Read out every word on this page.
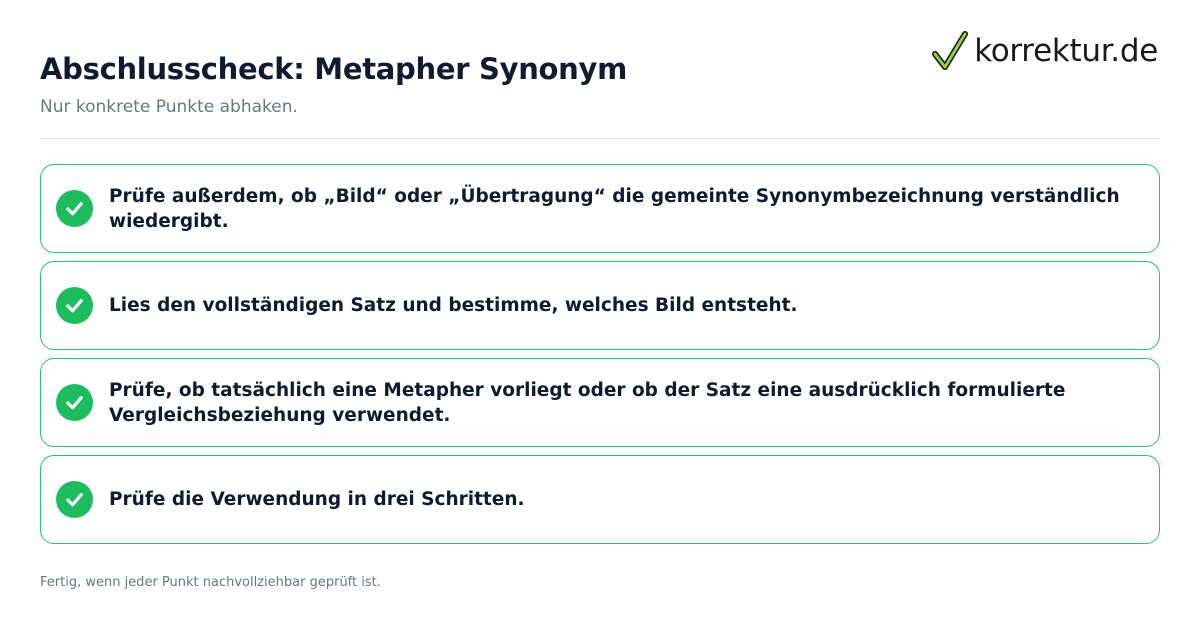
Abschlusscheck: Metapher Synonym
Nur konkrete Punkte abhaken.
korrektur.de
Prüfe außerdem, ob „Bild“ oder „Übertragung“ die gemeinte Synonymbezeichnung verständlich wiedergibt.
Lies den vollständigen Satz und bestimme, welches Bild entsteht.
Prüfe, ob tatsächlich eine Metapher vorliegt oder ob der Satz eine ausdrücklich formulierte Vergleichsbeziehung verwendet.
Prüfe die Verwendung in drei Schritten.
Fertig, wenn jeder Punkt nachvollziehbar geprüft ist.
